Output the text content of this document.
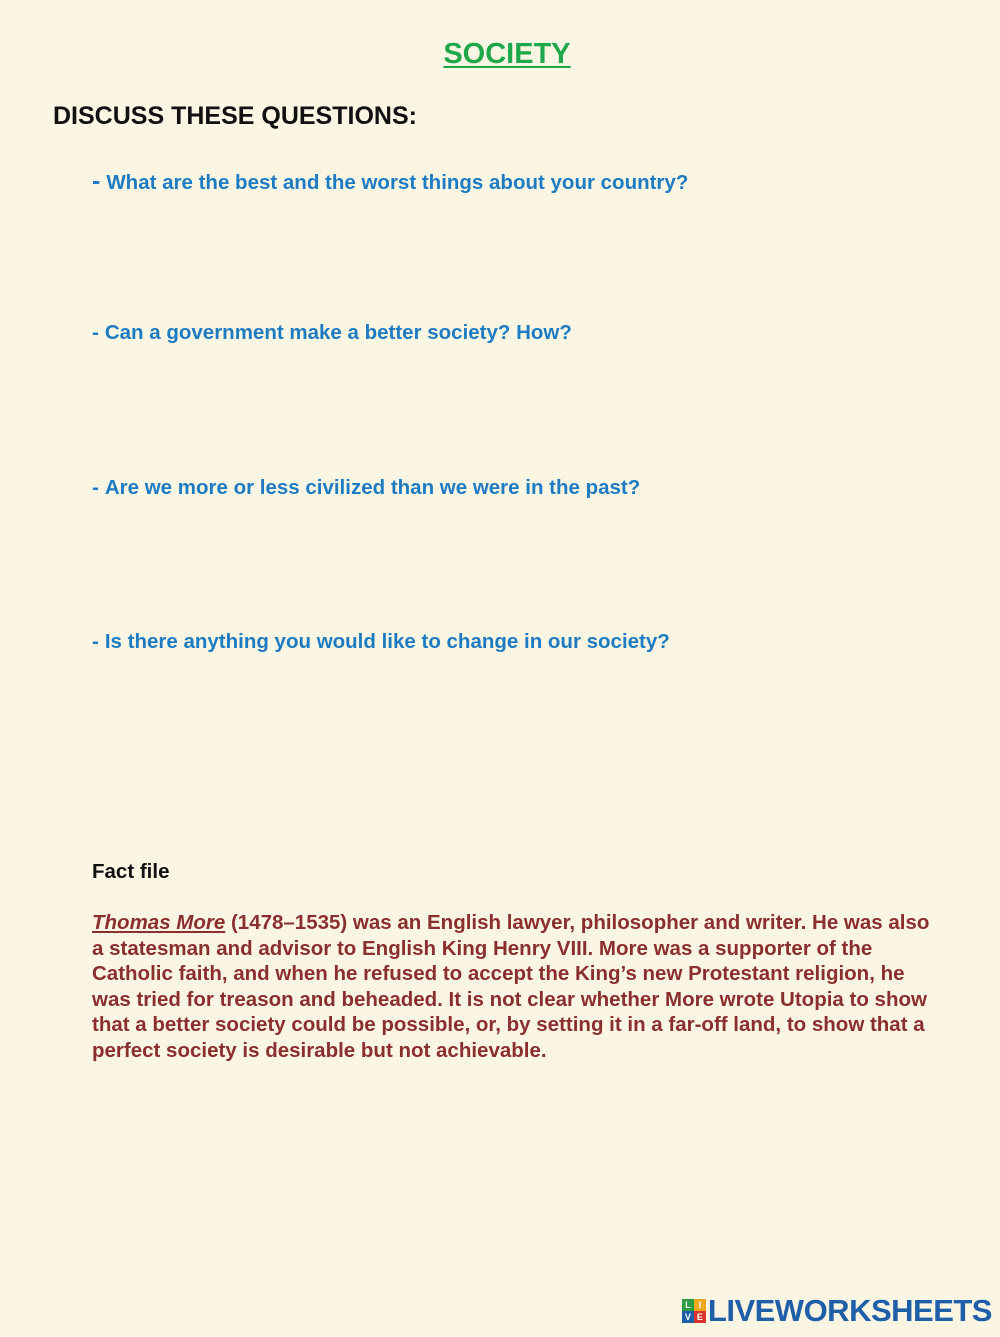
SOCIETY
DISCUSS THESE QUESTIONS:

- What are the best and the worst things about your country?

- Can a government make a better society? How?

- Are we more or less civilized than we were in the past?

- Is there anything you would like to change in our society?

Fact file

Thomas More (1478–1535) was an English lawyer, philosopher and writer. He was also a statesman and advisor to English King Henry VIII. More was a supporter of the Catholic faith, and when he refused to accept the King’s new Protestant religion, he was tried for treason and beheaded. It is not clear whether More wrote Utopia to show that a better society could be possible, or, by setting it in a far-off land, to show that a perfect society is desirable but not achievable.

L I
V E LIVEWORKSHEETS
